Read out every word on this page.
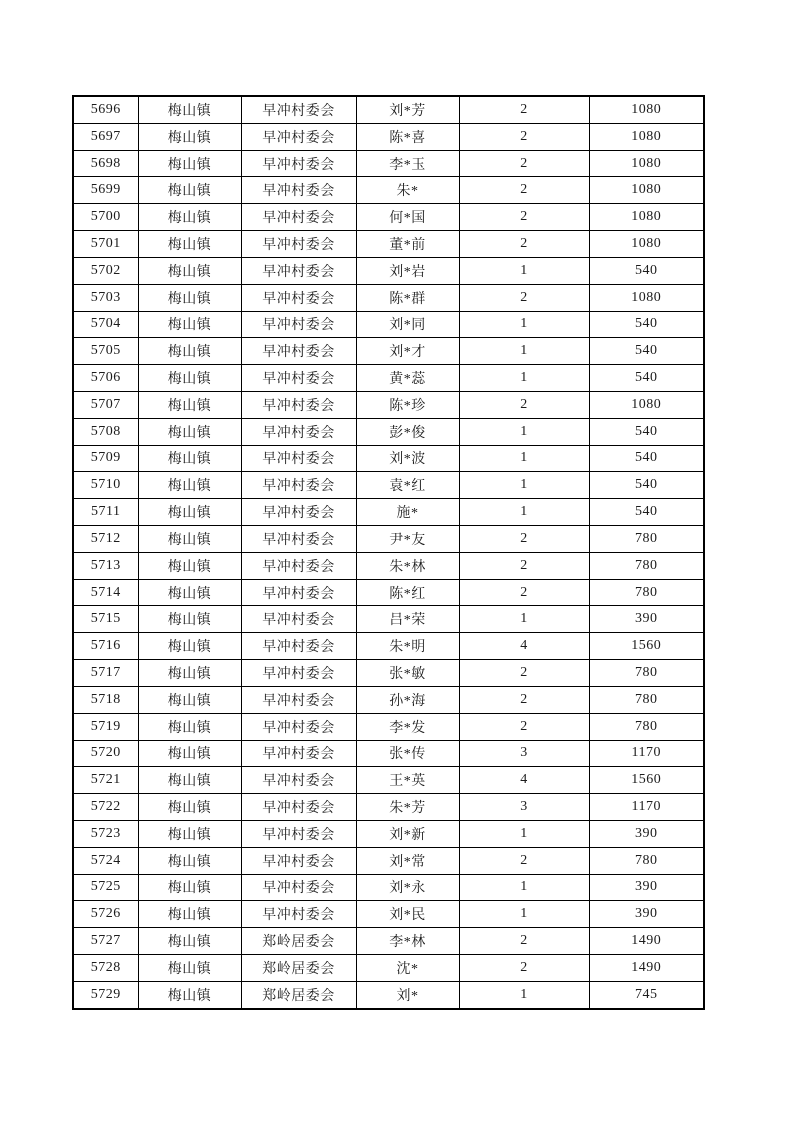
5696	梅山镇	早冲村委会	刘*芳	2	1080
5697	梅山镇	早冲村委会	陈*喜	2	1080
5698	梅山镇	早冲村委会	李*玉	2	1080
5699	梅山镇	早冲村委会	朱*	2	1080
5700	梅山镇	早冲村委会	何*国	2	1080
5701	梅山镇	早冲村委会	董*前	2	1080
5702	梅山镇	早冲村委会	刘*岩	1	540
5703	梅山镇	早冲村委会	陈*群	2	1080
5704	梅山镇	早冲村委会	刘*同	1	540
5705	梅山镇	早冲村委会	刘*才	1	540
5706	梅山镇	早冲村委会	黄*蕊	1	540
5707	梅山镇	早冲村委会	陈*珍	2	1080
5708	梅山镇	早冲村委会	彭*俊	1	540
5709	梅山镇	早冲村委会	刘*波	1	540
5710	梅山镇	早冲村委会	袁*红	1	540
5711	梅山镇	早冲村委会	施*	1	540
5712	梅山镇	早冲村委会	尹*友	2	780
5713	梅山镇	早冲村委会	朱*林	2	780
5714	梅山镇	早冲村委会	陈*红	2	780
5715	梅山镇	早冲村委会	吕*荣	1	390
5716	梅山镇	早冲村委会	朱*明	4	1560
5717	梅山镇	早冲村委会	张*敏	2	780
5718	梅山镇	早冲村委会	孙*海	2	780
5719	梅山镇	早冲村委会	李*发	2	780
5720	梅山镇	早冲村委会	张*传	3	1170
5721	梅山镇	早冲村委会	王*英	4	1560
5722	梅山镇	早冲村委会	朱*芳	3	1170
5723	梅山镇	早冲村委会	刘*新	1	390
5724	梅山镇	早冲村委会	刘*常	2	780
5725	梅山镇	早冲村委会	刘*永	1	390
5726	梅山镇	早冲村委会	刘*民	1	390
5727	梅山镇	郑岭居委会	李*林	2	1490
5728	梅山镇	郑岭居委会	沈*	2	1490
5729	梅山镇	郑岭居委会	刘*	1	745
